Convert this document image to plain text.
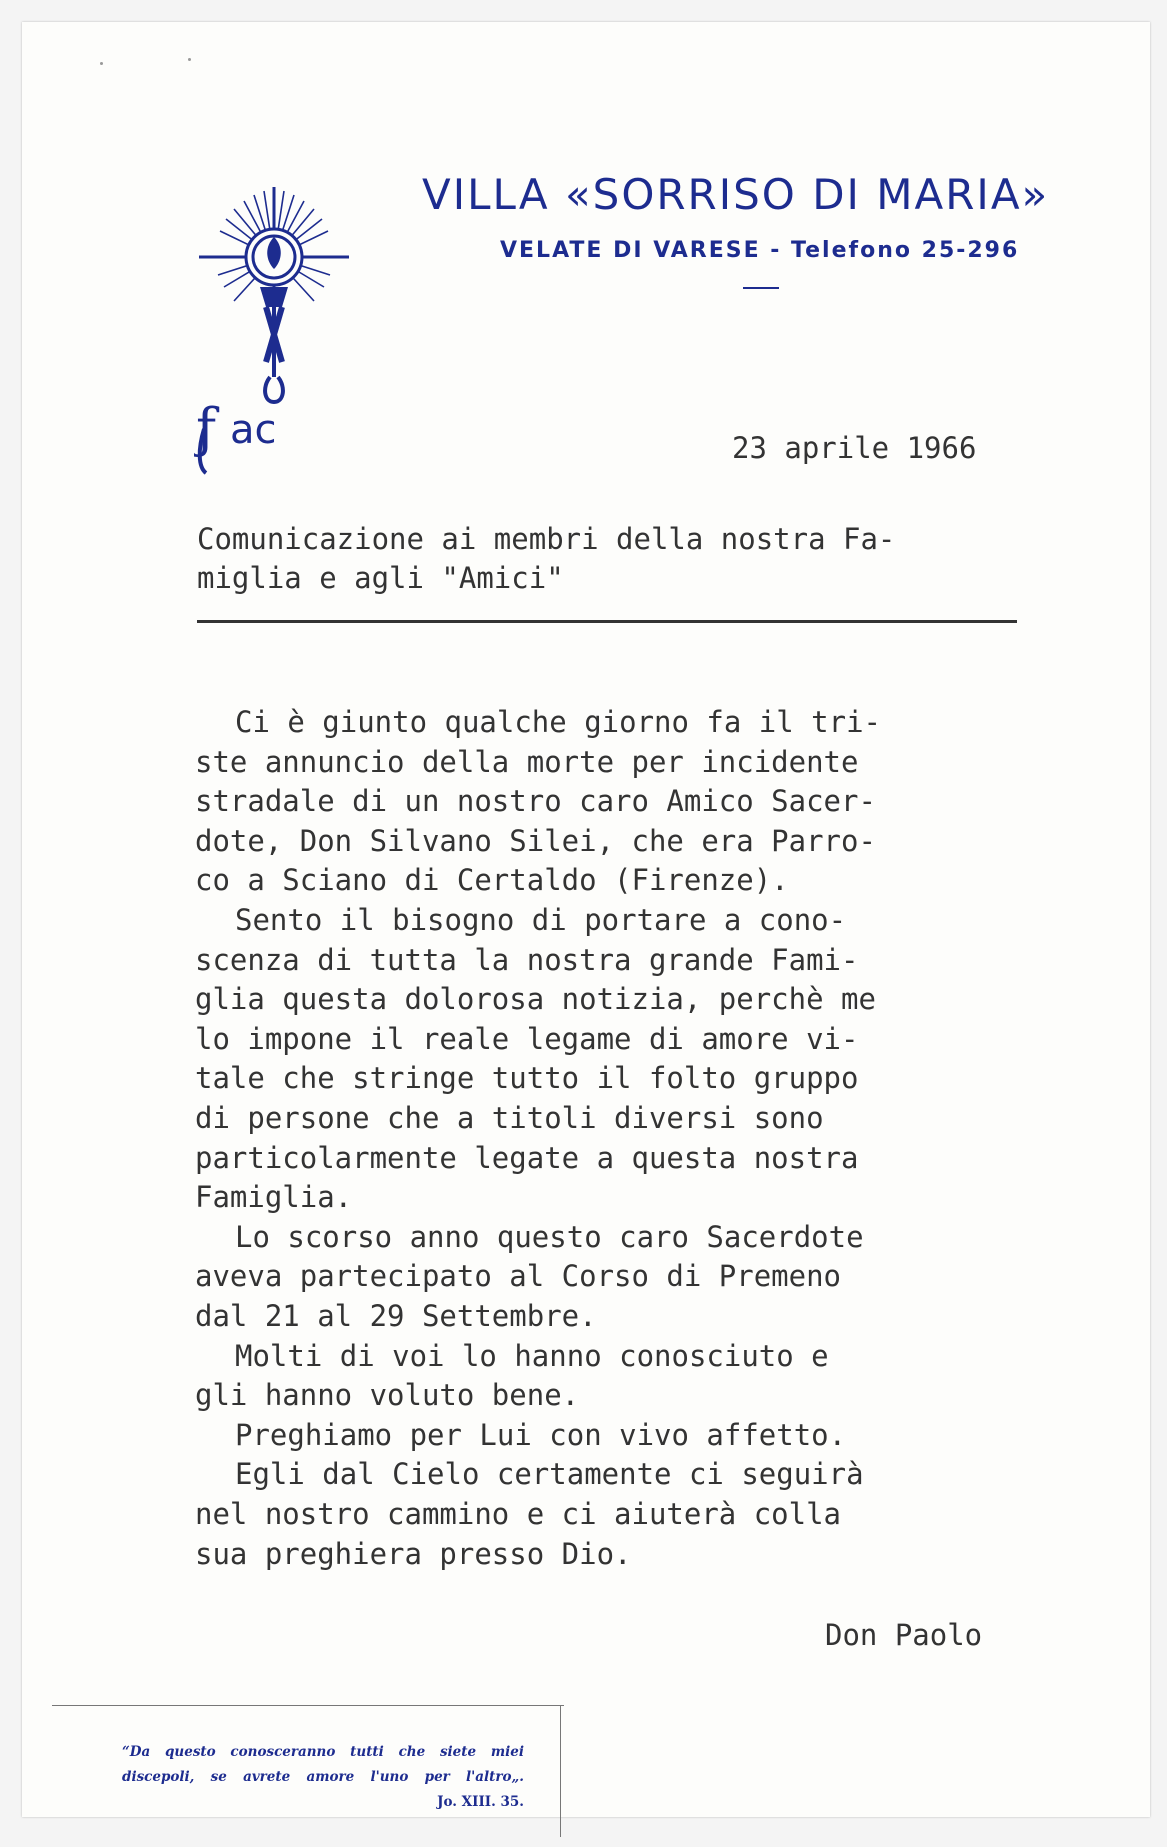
ƒ ac
VILLA «SORRISO DI MARIA»
VELATE DI VARESE - Telefono 25-296
23 aprile 1966
Comunicazione ai membri della nostra Fa-
miglia e agli "Amici"
Ci è giunto qualche giorno fa il tri-
ste annuncio della morte per incidente
stradale di un nostro caro Amico Sacer-
dote, Don Silvano Silei, che era Parro-
co a Sciano di Certaldo (Firenze).
Sento il bisogno di portare a cono-
scenza di tutta la nostra grande Fami-
glia questa dolorosa notizia, perchè me
lo impone il reale legame di amore vi-
tale che stringe tutto il folto gruppo
di persone che a titoli diversi sono
particolarmente legate a questa nostra
Famiglia.
Lo scorso anno questo caro Sacerdote
aveva partecipato al Corso di Premeno
dal 21 al 29 Settembre.
Molti di voi lo hanno conosciuto e
gli hanno voluto bene.
Preghiamo per Lui con vivo affetto.
Egli dal Cielo certamente ci seguirà
nel nostro cammino e ci aiuterà colla
sua preghiera presso Dio.
Don Paolo
“Da questo conosceranno tutti che siete miei
discepoli, se avrete amore l'uno per l'altro„.
Jo. XIII. 35.
